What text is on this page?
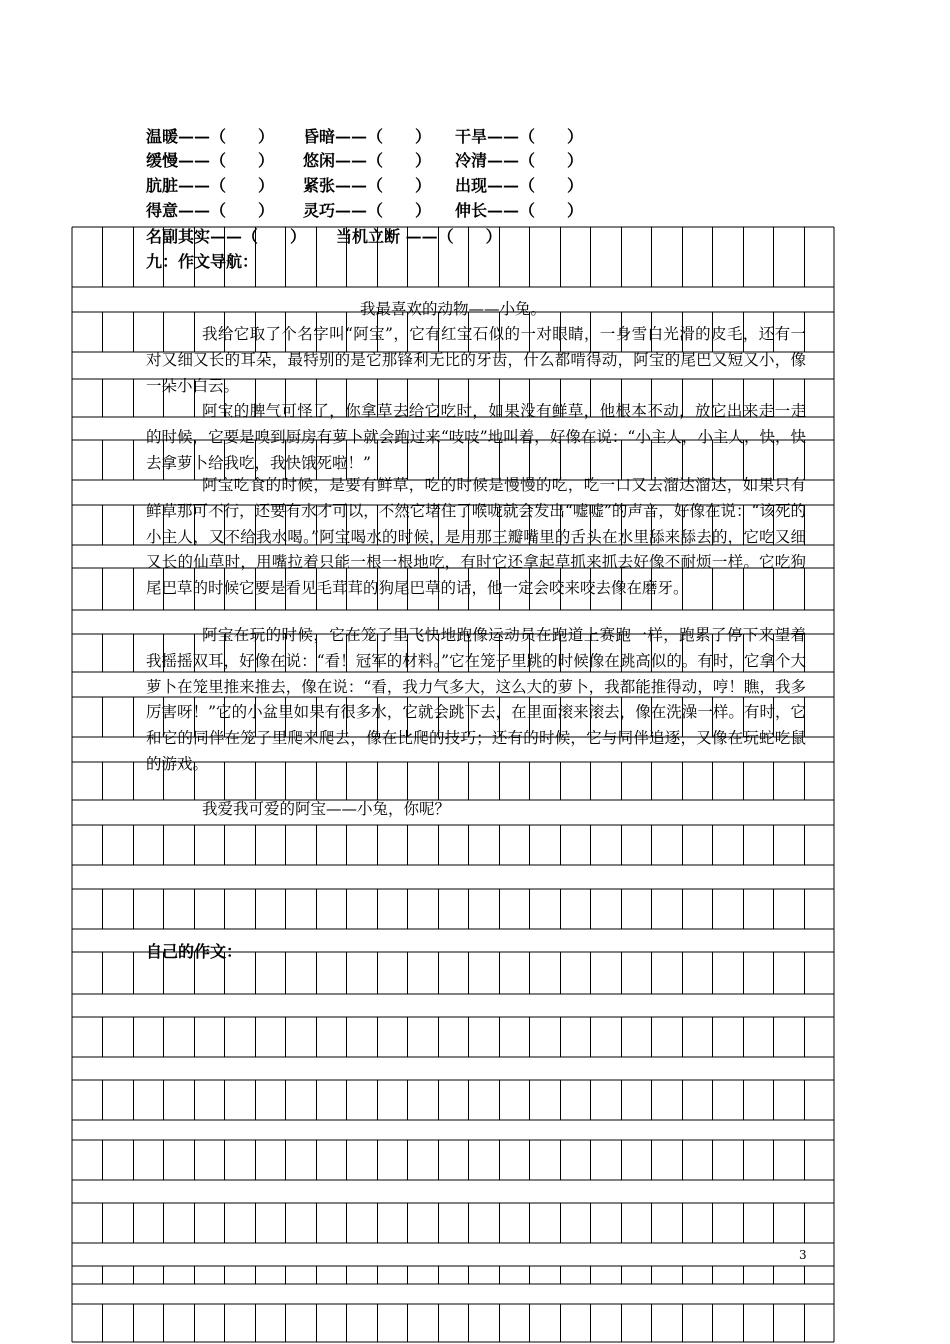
温暖——（　　） 昏暗——（　　） 干旱——（　　）
缓慢——（　　） 悠闲——（　　） 冷清——（　　）
肮脏——（　　） 紧张——（　　） 出现——（　　）
得意——（　　） 灵巧——（　　） 伸长——（　　）
名副其实——（　　） 当机立断 ——（　　）
九：作文导航：
我最喜欢的动物——小兔。
我给它取了个名字叫“阿宝”，它有红宝石似的一对眼睛，一身雪白光滑的皮毛，还有一对又细又长的耳朵，最特别的是它那锋利无比的牙齿，什么都啃得动，阿宝的尾巴又短又小，像一朵小白云。
阿宝的脾气可怪了，你拿草去给它吃时，如果没有鲜草，他根本不动，放它出来走一走的时候，它要是嗅到厨房有萝卜就会跑过来“吱吱”地叫着，好像在说：“小主人，小主人，快，快去拿萝卜给我吃，我快饿死啦！”
阿宝吃食的时候，是要有鲜草，吃的时候是慢慢的吃，吃一口又去溜达溜达，如果只有鲜草那可不行，还要有水才可以，不然它堵住了喉咙就会发出“嘘嘘”的声音，好像在说：“该死的小主人，又不给我水喝。”阿宝喝水的时候，是用那三瓣嘴里的舌头在水里舔来舔去的，它吃又细又长的仙草时，用嘴拉着只能一根一根地吃，有时它还拿起草抓来抓去好像不耐烦一样。它吃狗尾巴草的时候它要是看见毛茸茸的狗尾巴草的话，他一定会咬来咬去像在磨牙。
阿宝在玩的时候，它在笼子里飞快地跑像运动员在跑道上赛跑一样，跑累了停下来望着我摇摇双耳，好像在说：“看！冠军的材料。”它在笼子里跳的时候像在跳高似的。有时，它拿个大萝卜在笼里推来推去，像在说：“看，我力气多大，这么大的萝卜，我都能推得动，哼！瞧，我多厉害呀！”它的小盆里如果有很多水，它就会跳下去，在里面滚来滚去，像在洗澡一样。有时，它和它的同伴在笼子里爬来爬去，像在比爬的技巧；还有的时候，它与同伴追逐，又像在玩蛇吃鼠的游戏。
我爱我可爱的阿宝——小兔，你呢？
自己的作文：
3
